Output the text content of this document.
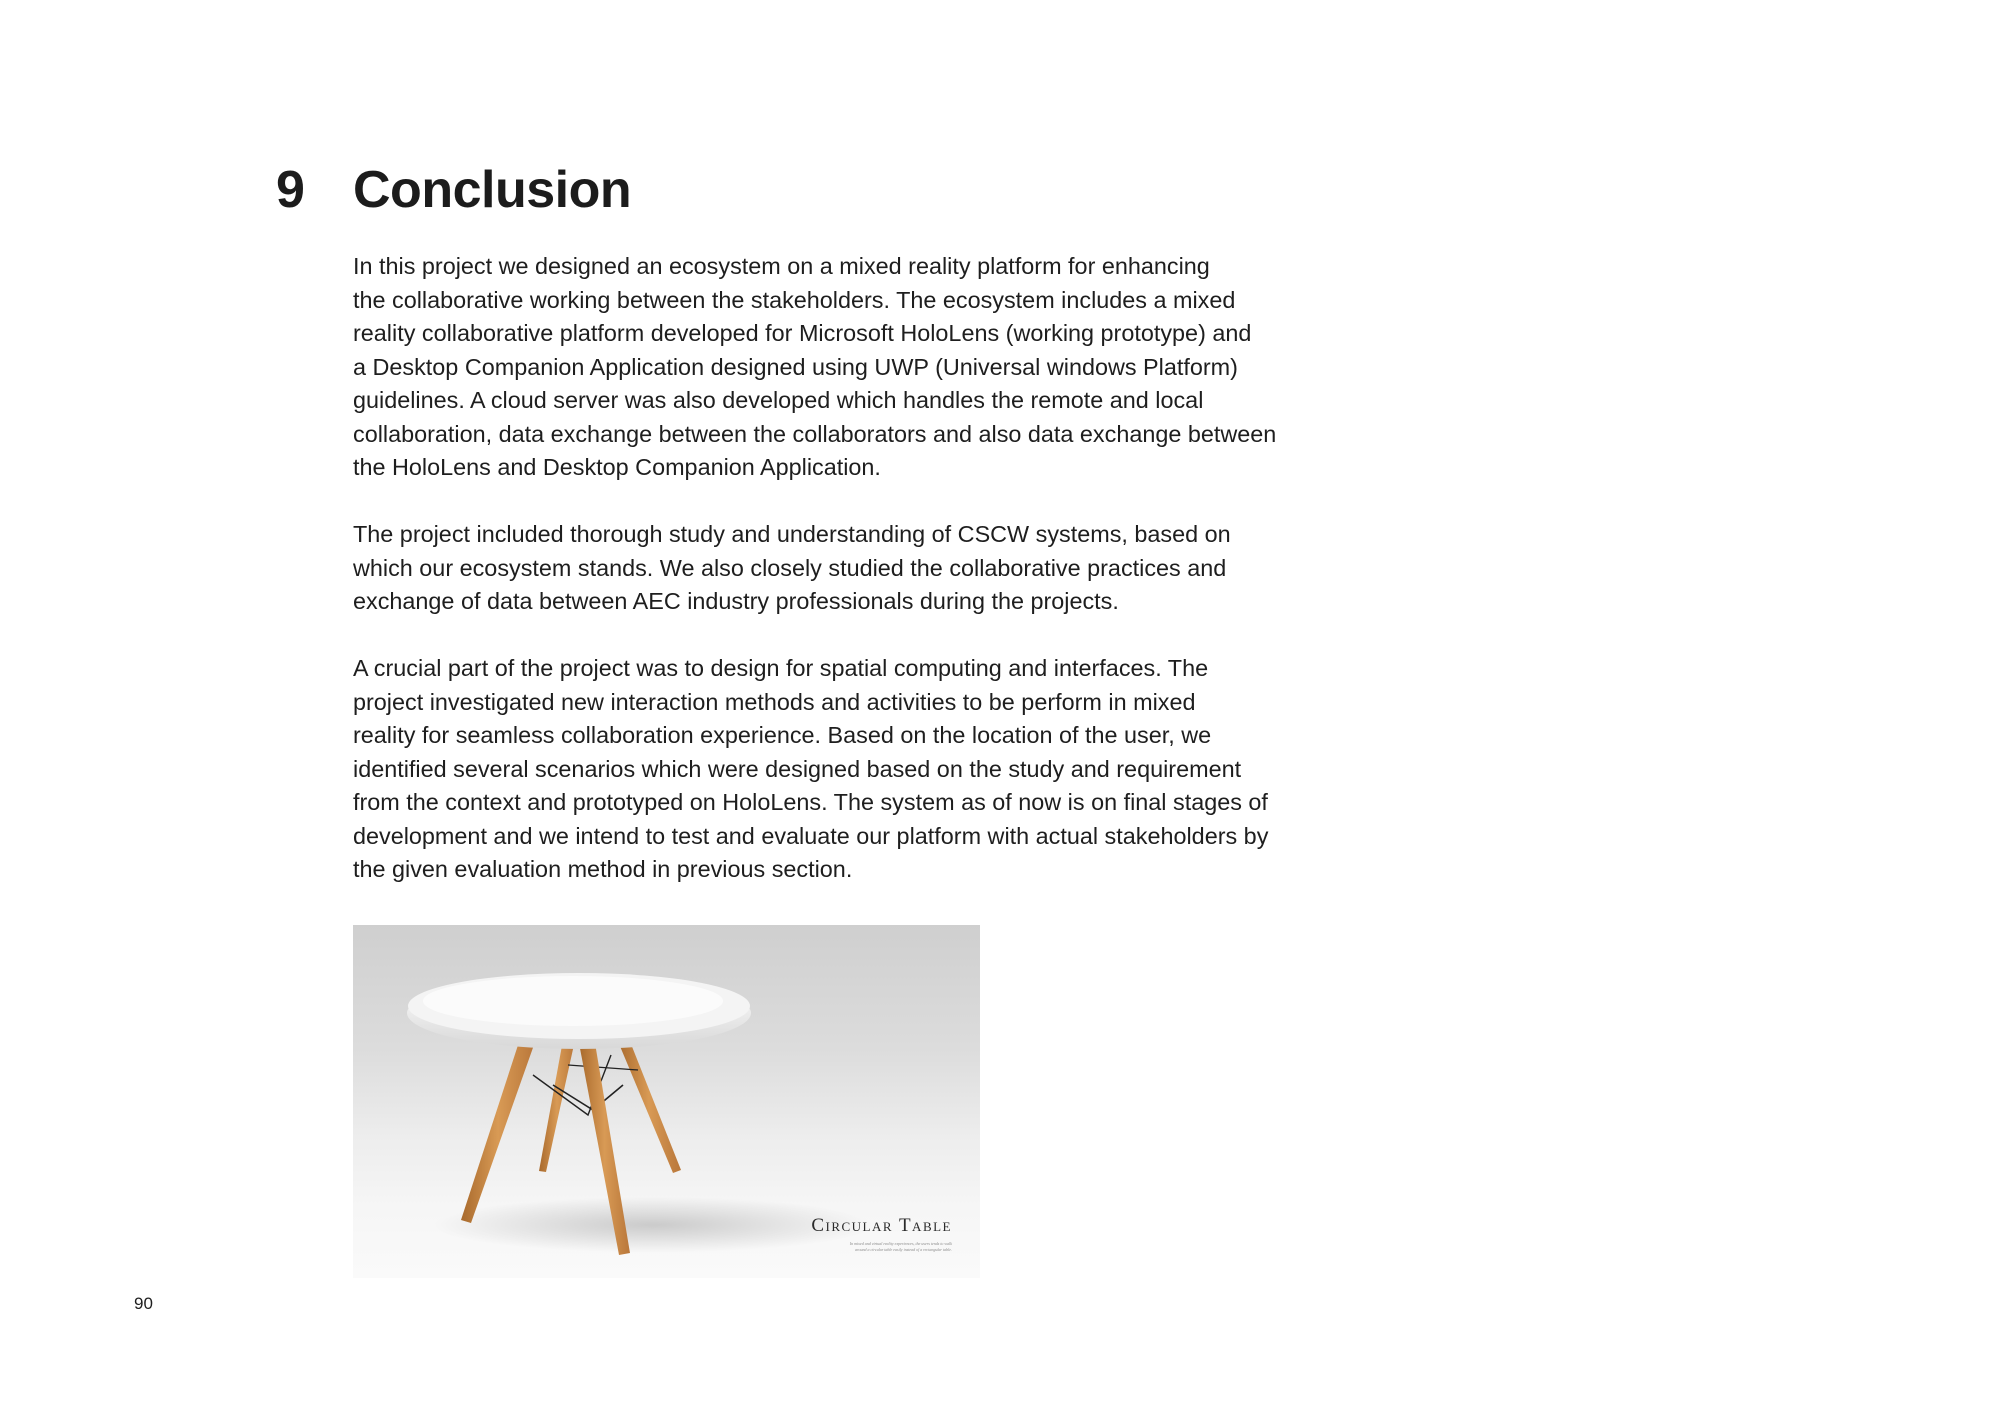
9 Conclusion

In this project we designed an ecosystem on a mixed reality platform for enhancing
the collaborative working between the stakeholders. The ecosystem includes a mixed
reality collaborative platform developed for Microsoft HoloLens (working prototype) and
a Desktop Companion Application designed using UWP (Universal windows Platform)
guidelines. A cloud server was also developed which handles the remote and local
collaboration, data exchange between the collaborators and also data exchange between
the HoloLens and Desktop Companion Application.

The project included thorough study and understanding of CSCW systems, based on
which our ecosystem stands. We also closely studied the collaborative practices and
exchange of data between AEC industry professionals during the projects.

A crucial part of the project was to design for spatial computing and interfaces. The
project investigated new interaction methods and activities to be perform in mixed
reality for seamless collaboration experience. Based on the location of the user, we
identified several scenarios which were designed based on the study and requirement
from the context and prototyped on HoloLens. The system as of now is on final stages of
development and we intend to test and evaluate our platform with actual stakeholders by
the given evaluation method in previous section.

Circular Table
In mixed and virtual reality experiences, the users tends to walk
around a circular table easily instead of a rectangular table.
90
